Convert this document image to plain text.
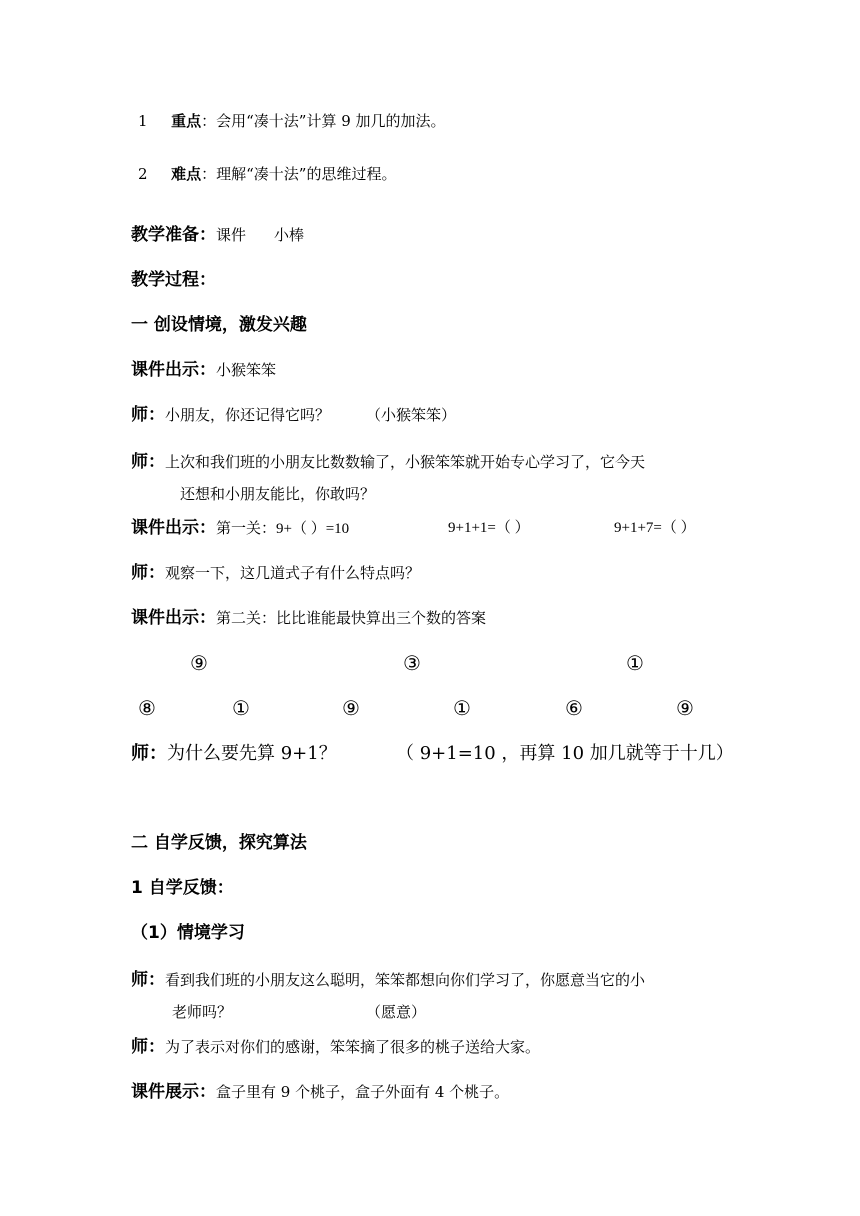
1 重点：会用“凑十法”计算 9 加几的加法。
2 难点：理解“凑十法”的思维过程。
教学准备：课件 小棒
教学过程：
一 创设情境，激发兴趣
课件出示：小猴笨笨
师：小朋友，你还记得它吗？ （小猴笨笨）
师：上次和我们班的小朋友比数数输了，小猴笨笨就开始专心学习了，它今天
还想和小朋友能比，你敢吗？
课件出示：第一关：9+（ ）=10	9+1+1=（ ）	9+1+7=（ ）
师：观察一下，这几道式子有什么特点吗？
课件出示：第二关：比比谁能最快算出三个数的答案
⑨	③	①
⑧	①	⑨	①	⑥	⑨
师：为什么要先算 9+1？	（ 9+1=10 ，再算 10 加几就等于十几）
二 自学反馈，探究算法
1 自学反馈：
（1）情境学习
师：看到我们班的小朋友这么聪明，笨笨都想向你们学习了，你愿意当它的小
老师吗？	（愿意）
师：为了表示对你们的感谢，笨笨摘了很多的桃子送给大家。
课件展示：盒子里有 9 个桃子，盒子外面有 4 个桃子。
